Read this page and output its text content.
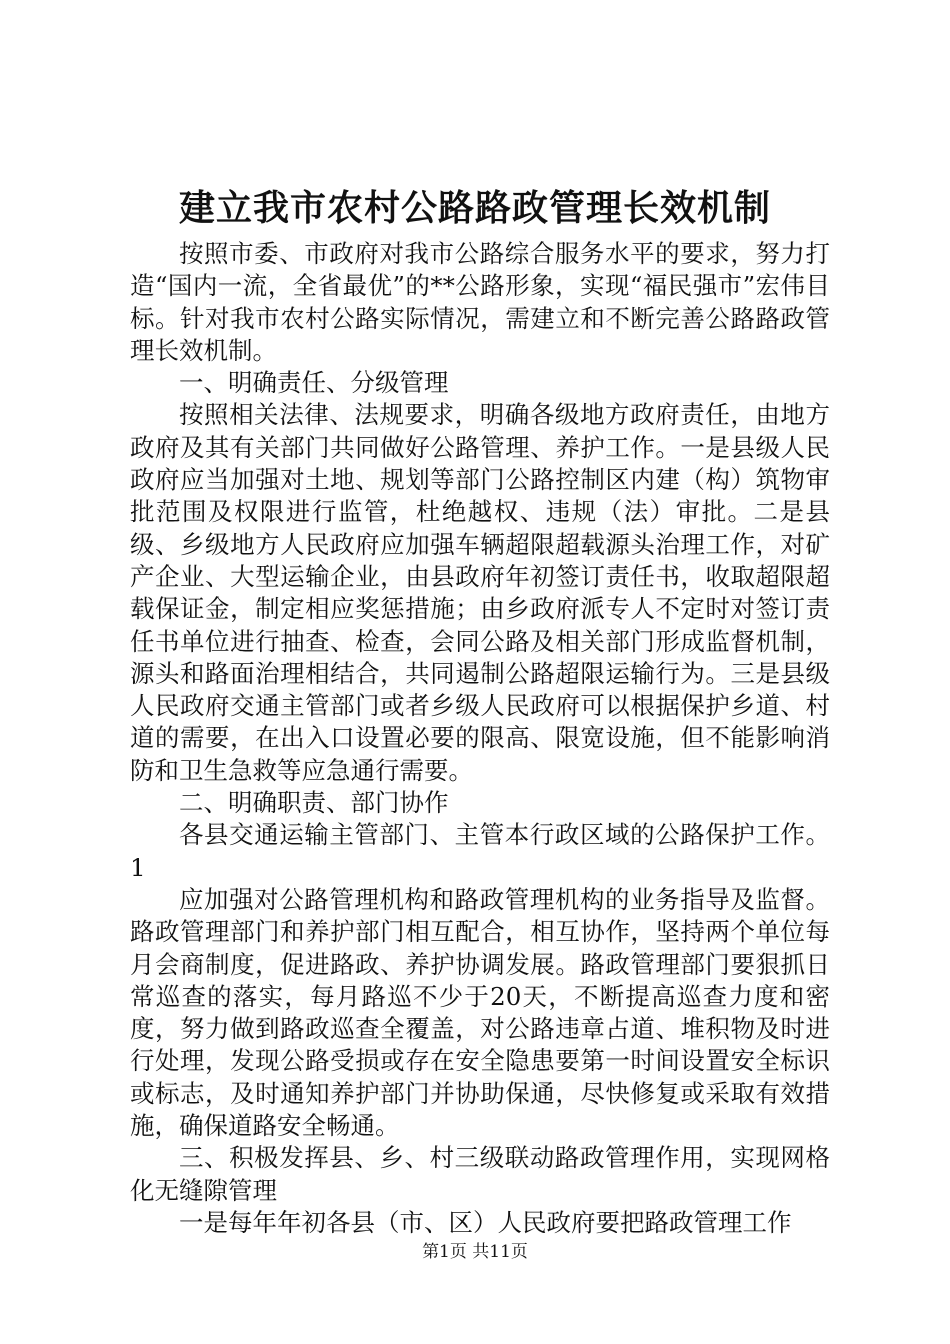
建立我市农村公路路政管理长效机制

按照市委、市政府对我市公路综合服务水平的要求，努力打造“国内一流，全省最优”的**公路形象，实现“福民强市”宏伟目标。针对我市农村公路实际情况，需建立和不断完善公路路政管理长效机制。

一、明确责任、分级管理

按照相关法律、法规要求，明确各级地方政府责任，由地方政府及其有关部门共同做好公路管理、养护工作。一是县级人民政府应当加强对土地、规划等部门公路控制区内建（构）筑物审批范围及权限进行监管，杜绝越权、违规（法）审批。二是县级、乡级地方人民政府应加强车辆超限超载源头治理工作，对矿产企业、大型运输企业，由县政府年初签订责任书，收取超限超载保证金，制定相应奖惩措施；由乡政府派专人不定时对签订责任书单位进行抽查、检查，会同公路及相关部门形成监督机制，源头和路面治理相结合，共同遏制公路超限运输行为。三是县级人民政府交通主管部门或者乡级人民政府可以根据保护乡道、村道的需要，在出入口设置必要的限高、限宽设施，但不能影响消防和卫生急救等应急通行需要。

二、明确职责、部门协作

各县交通运输主管部门、主管本行政区域的公路保护工作。1

应加强对公路管理机构和路政管理机构的业务指导及监督。路政管理部门和养护部门相互配合，相互协作，坚持两个单位每月会商制度，促进路政、养护协调发展。路政管理部门要狠抓日常巡查的落实，每月路巡不少于20天，不断提高巡查力度和密度，努力做到路政巡查全覆盖，对公路违章占道、堆积物及时进行处理，发现公路受损或存在安全隐患要第一时间设置安全标识或标志，及时通知养护部门并协助保通，尽快修复或采取有效措施，确保道路安全畅通。

三、积极发挥县、乡、村三级联动路政管理作用，实现网格化无缝隙管理

一是每年年初各县（市、区）人民政府要把路政管理工作

第1页 共11页
